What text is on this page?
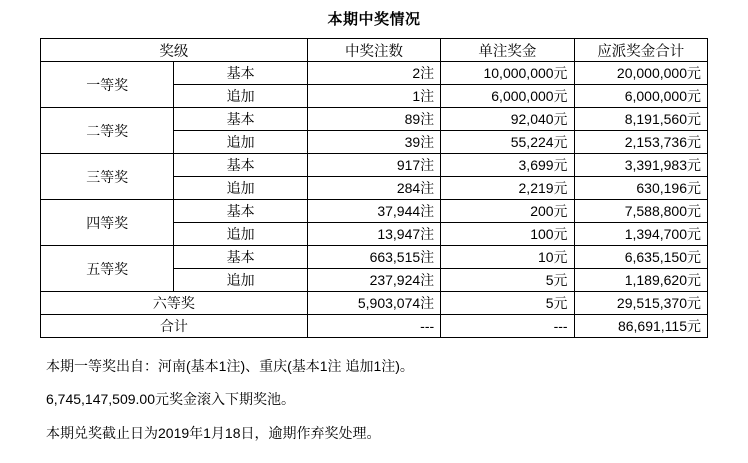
本期中奖情况
奖级		中奖注数	单注奖金	应派奖金合计
一等奖	基本	2注	10,000,000元	20,000,000元
	追加	1注	6,000,000元	6,000,000元
二等奖	基本	89注	92,040元	8,191,560元
	追加	39注	55,224元	2,153,736元
三等奖	基本	917注	3,699元	3,391,983元
	追加	284注	2,219元	630,196元
四等奖	基本	37,944注	200元	7,588,800元
	追加	13,947注	100元	1,394,700元
五等奖	基本	663,515注	10元	6,635,150元
	追加	237,924注	5元	1,189,620元
六等奖		5,903,074注	5元	29,515,370元
合计		---	---	86,691,115元
本期一等奖出自：河南(基本1注)、重庆(基本1注 追加1注)。
6,745,147,509.00元奖金滚入下期奖池。
本期兑奖截止日为2019年1月18日，逾期作弃奖处理。
